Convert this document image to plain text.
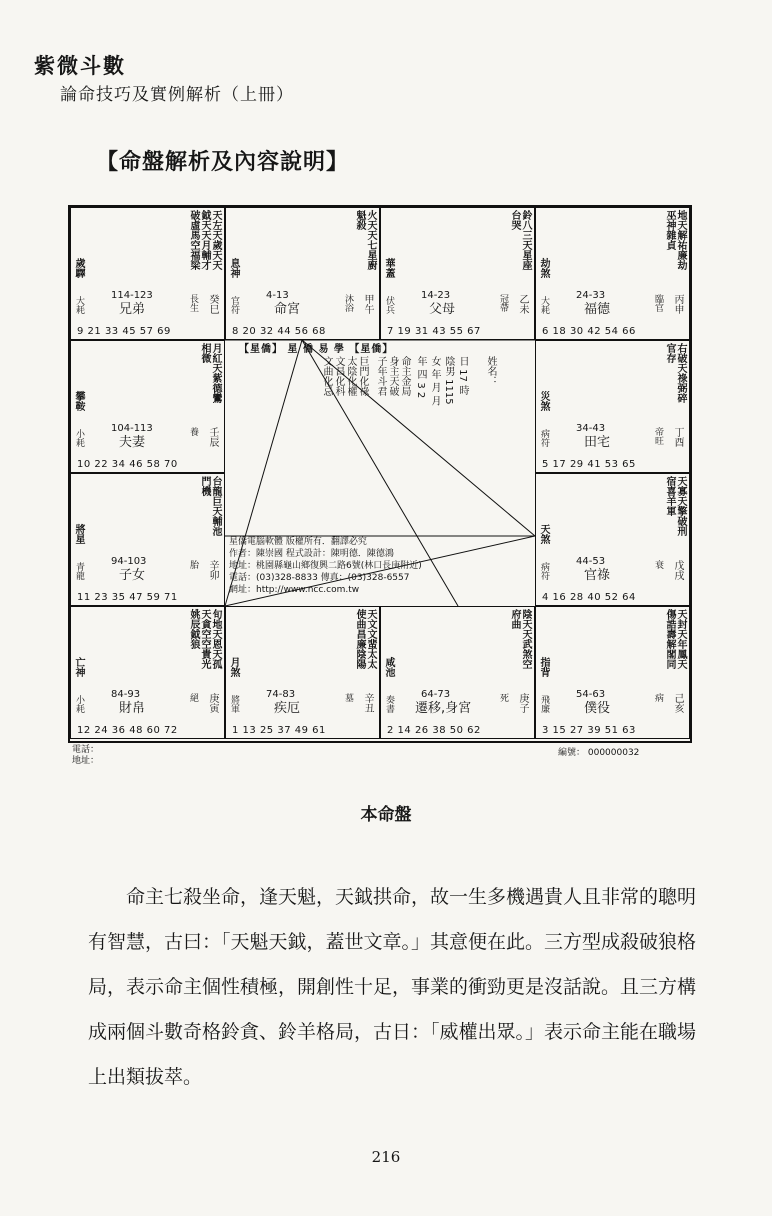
紫微斗數
論命技巧及實例解析（上冊）
【命盤解析及內容說明】
天左天歲天天鉞天天月輔才破虛馬空福梁
歲驛
大耗
114-123
兄弟	長生 癸巳
9 21 33 45 57 69
火天天七星廚魁殺
息神
官符
4-13
命宮	沐浴 甲午
8 20 32 44 56 68
鈴八三天星座台哭
華蓋
伏兵
14-23
父母	冠帶 乙未
7 19 31 43 55 67
地天解祐廉劫巫神雜貞
劫煞
大耗
24-33
福德	臨官 丙申
6 18 30 42 54 66
月紅天紫德鸞相微
攀鞍
小耗
104-113
夫妻
養 壬辰
10 22 34 46 58 70
右破天祿弼碎官存
災煞
病符
34-43
田宅	帝旺 丁酉
5 17 29 41 53 65
台龍巨天輔池門機
將星
青龍
94-103
子女
胎 辛卯
11 23 35 47 59 71
天寡天擎破刑宿喜羊軍
天煞
病符
44-53
官祿
衰 戊戌
4 16 28 40 52 64
旬地天恩天孤天貪空空貴光姚辰鉞狼
亡神
小耗
84-93
財帛
絕 庚寅
12 24 36 48 60 72
天文文蜚太太使曲昌廉陰陽
月煞
將軍
74-83
疾厄
墓 辛丑
1 13 25 37 49 61
陰天天武煞空府曲
咸池
奏書
64-73
遷移,身宮
死 庚子
2 14 26 38 50 62
天封天年鳳天傷誥壽解閣同
指背
飛廉
54-63
僕役
病 己亥
3 15 27 39 51 63
【星僑】 星 僑 易 學 【星僑】
文曲化忌 文昌化科 太陰化權 巨門化祿 子年斗君 身主天破 命主金局 年 四 3 2 女 年 月 月	姓名：
陰男 1115 日 17 時
星僑電腦軟體 版權所有．翻譯必究
作者：陳崇國 程式設計：陳明德．陳德鴻
地址：桃園縣龜山鄉復興二路6號(林口長庚附近)
電話：(03)328-8833 傳真：(03)328-6557
網址：http://www.ncc.com.tw
電話：
地址：
編號： 000000032
本命盤

命主七殺坐命，逢天魁，天鉞拱命，故一生多機遇貴人且非常的聰明有智慧，古曰：「天魁天鉞，蓋世文章。」其意便在此。三方型成殺破狼格局，表示命主個性積極，開創性十足，事業的衝勁更是沒話說。且三方構成兩個斗數奇格鈴貪、鈴羊格局，古日：「威權出眾。」表示命主能在職場上出類拔萃。

216
